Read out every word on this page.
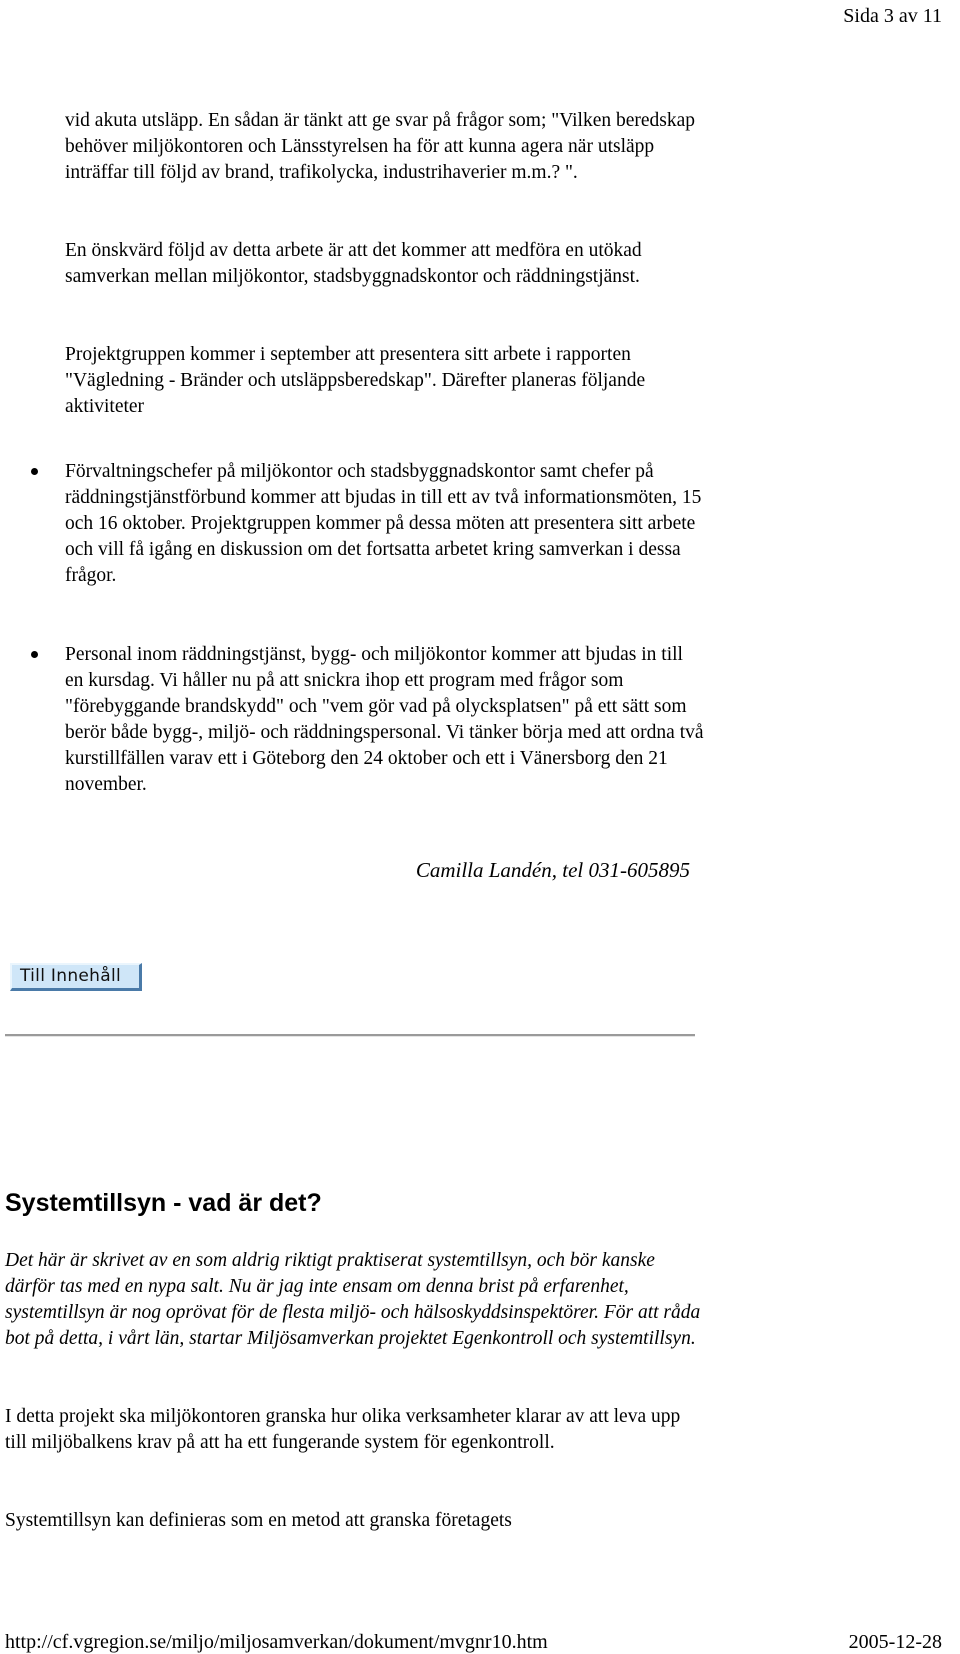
Sida 3 av 11

vid akuta utsläpp. En sådan är tänkt att ge svar på frågor som; "Vilken beredskap behöver miljökontoren och Länsstyrelsen ha för att kunna agera när utsläpp inträffar till följd av brand, trafikolycka, industrihaverier m.m.? ".

En önskvärd följd av detta arbete är att det kommer att medföra en utökad samverkan mellan miljökontor, stadsbyggnadskontor och räddningstjänst.

Projektgruppen kommer i september att presentera sitt arbete i rapporten "Vägledning - Bränder och utsläppsberedskap". Därefter planeras följande aktiviteter

Förvaltningschefer på miljökontor och stadsbyggnadskontor samt chefer på räddningstjänstförbund kommer att bjudas in till ett av två informationsmöten, 15 och 16 oktober. Projektgruppen kommer på dessa möten att presentera sitt arbete och vill få igång en diskussion om det fortsatta arbetet kring samverkan i dessa frågor.

Personal inom räddningstjänst, bygg- och miljökontor kommer att bjudas in till en kursdag. Vi håller nu på att snickra ihop ett program med frågor som "förebyggande brandskydd" och "vem gör vad på olycksplatsen" på ett sätt som berör både bygg-, miljö- och räddningspersonal. Vi tänker börja med att ordna två kurstillfällen varav ett i Göteborg den 24 oktober och ett i Vänersborg den 21 november.

Camilla Landén, tel 031-605895
Till Innehåll
Systemtillsyn - vad är det?

Det här är skrivet av en som aldrig riktigt praktiserat systemtillsyn, och bör kanske därför tas med en nypa salt. Nu är jag inte ensam om denna brist på erfarenhet, systemtillsyn är nog oprövat för de flesta miljö- och hälsoskyddsinspektörer. För att råda bot på detta, i vårt län, startar Miljösamverkan projektet Egenkontroll och systemtillsyn.

I detta projekt ska miljökontoren granska hur olika verksamheter klarar av att leva upp till miljöbalkens krav på att ha ett fungerande system för egenkontroll.

Systemtillsyn kan definieras som en metod att granska företagets

http://cf.vgregion.se/miljo/miljosamverkan/dokument/mvgnr10.htm	2005-12-28
